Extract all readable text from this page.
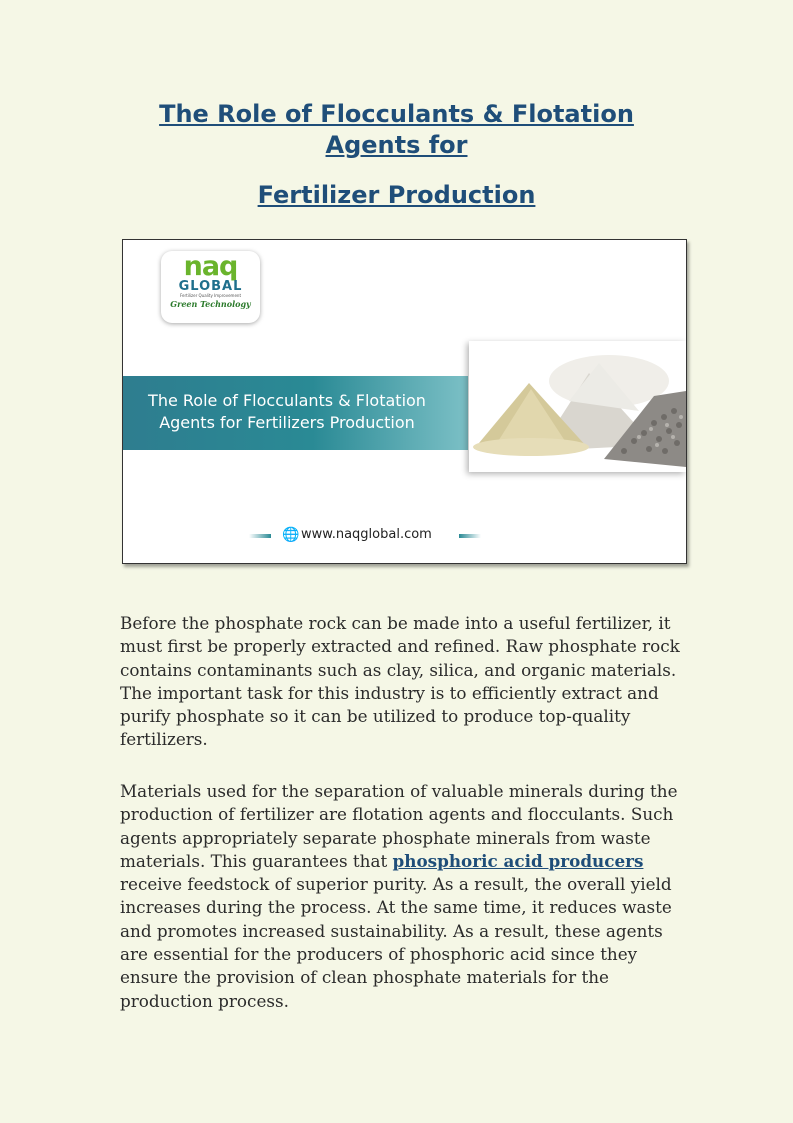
The Role of Flocculants & Flotation Agents for
Fertilizer Production
naq
GLOBAL
Fertilizer Quality Improvement
Green Technology
The Role of Flocculants & Flotation Agents for Fertilizers Production
🌐 www.naqglobal.com

Before the phosphate rock can be made into a useful fertilizer, it must first be properly extracted and refined. Raw phosphate rock contains contaminants such as clay, silica, and organic materials. The important task for this industry is to efficiently extract and purify phosphate so it can be utilized to produce top-quality fertilizers.

Materials used for the separation of valuable minerals during the production of fertilizer are flotation agents and flocculants. Such agents appropriately separate phosphate minerals from waste materials. This guarantees that phosphoric acid producers receive feedstock of superior purity. As a result, the overall yield increases during the process. At the same time, it reduces waste and promotes increased sustainability. As a result, these agents are essential for the producers of phosphoric acid since they ensure the provision of clean phosphate materials for the production process.
